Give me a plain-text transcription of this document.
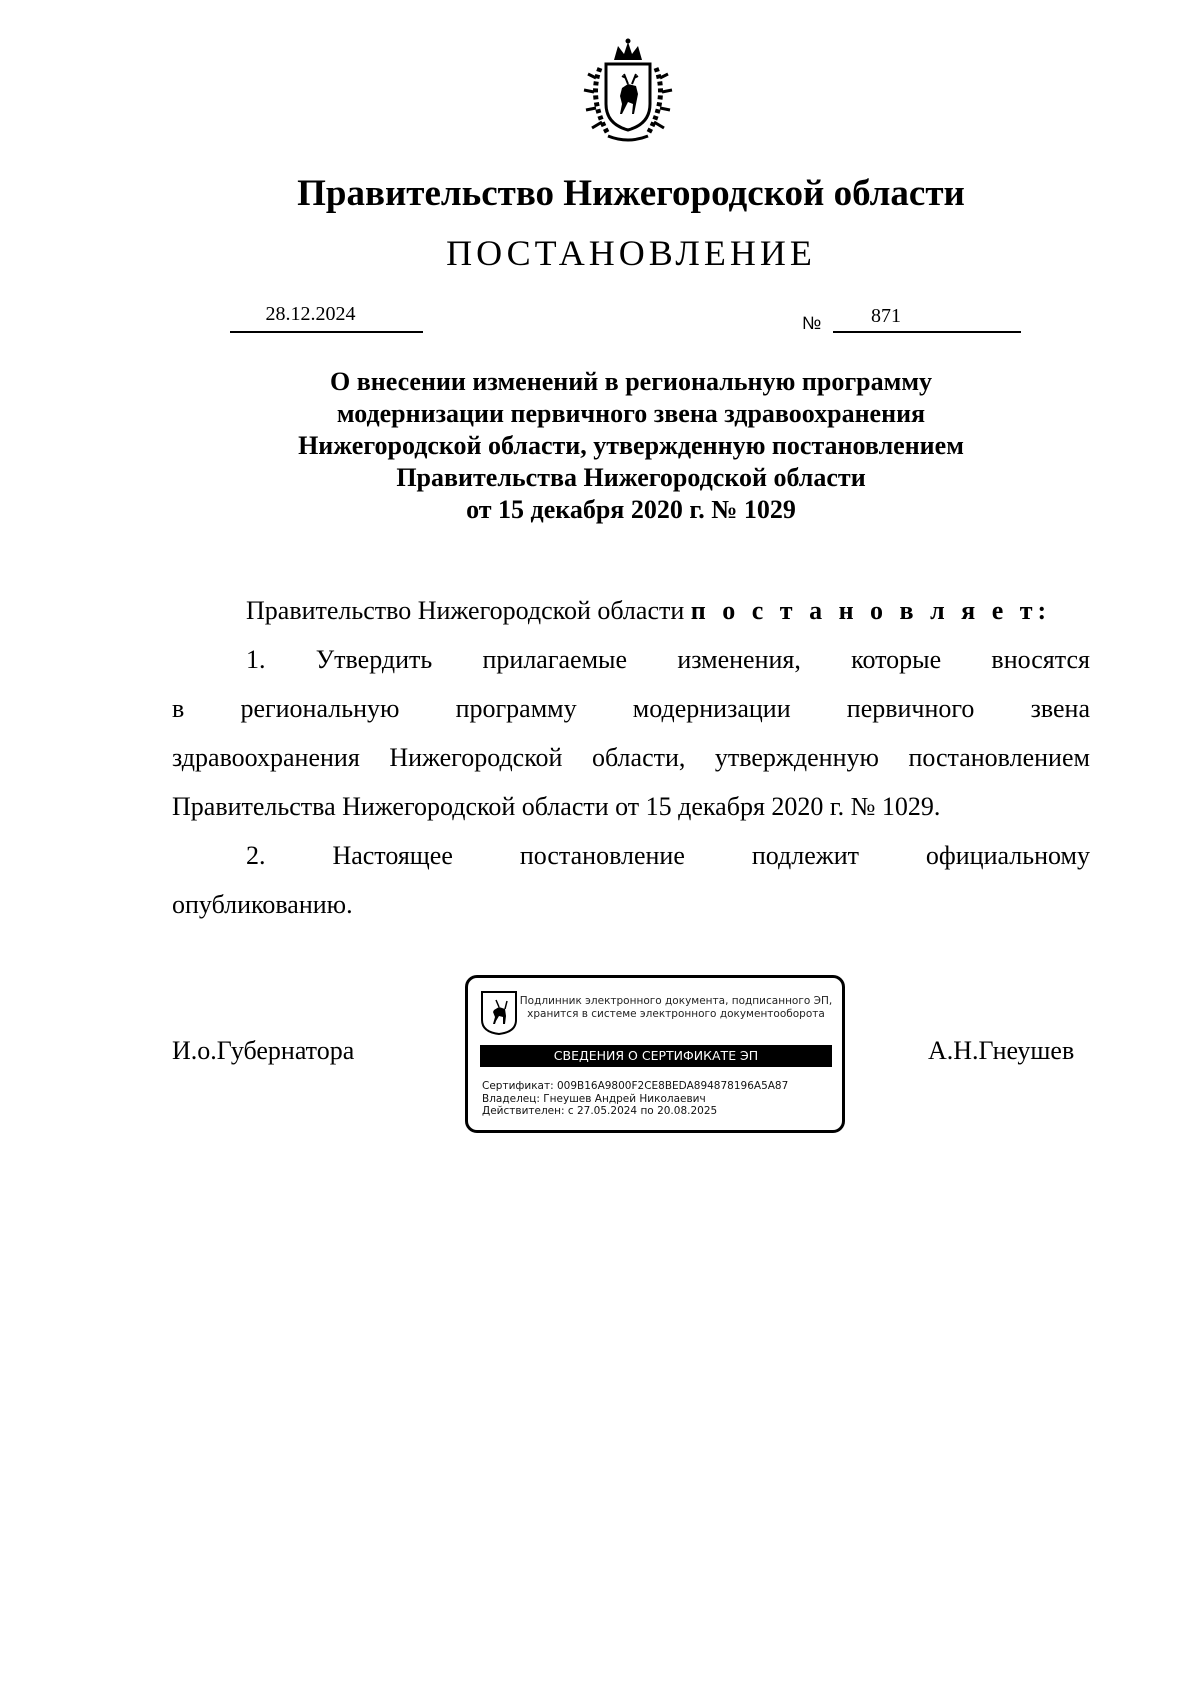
Правительство Нижегородской области
ПОСТАНОВЛЕНИЕ
28.12.2024	№ 871
О внесении изменений в региональную программу
модернизации первичного звена здравоохранения
Нижегородской области, утвержденную постановлением
Правительства Нижегородской области
от 15 декабря 2020 г. № 1029
Правительство Нижегородской области п о с т а н о в л я е т:
1. Утвердить прилагаемые изменения, которые вносятся
в региональную программу модернизации первичного звена
здравоохранения Нижегородской области, утвержденную постановлением
Правительства Нижегородской области от 15 декабря 2020 г. № 1029.
2.	Настоящее	постановление	подлежит	официальному
опубликованию.
И.о.Губернатора	А.Н.Гнеушев
Подлинник электронного документа, подписанного ЭП,
хранится в системе электронного документооборота
СВЕДЕНИЯ О СЕРТИФИКАТЕ ЭП
Сертификат: 009B16A9800F2CE8BEDA894878196A5A87
Владелец: Гнеушев Андрей Николаевич
Действителен: с 27.05.2024 по 20.08.2025
